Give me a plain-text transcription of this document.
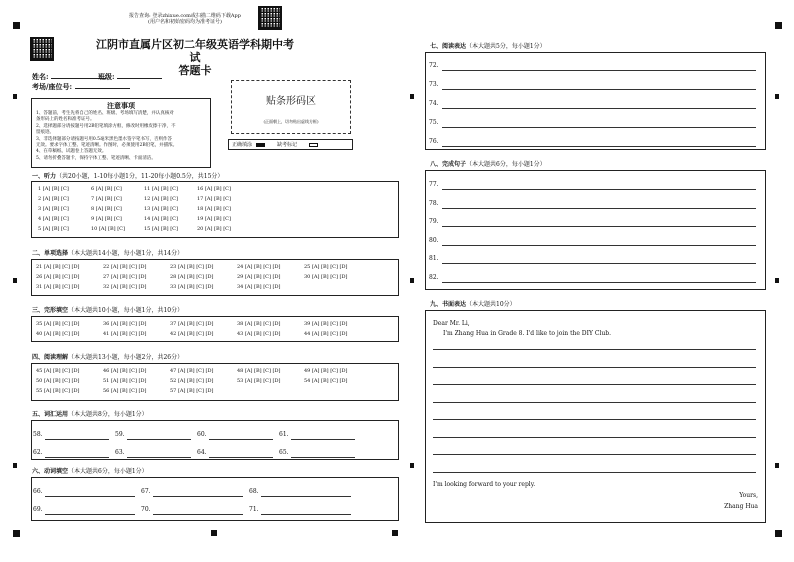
报告查询: 登录zhixue.com或扫描二维码下载App
(用户名和初始密码均为准考证号)
江阴市直属片区初二年级英语学科期中考试
答题卡
姓名:	班级:
考场/座位号:
注意事项
1、答题前，考生先将自己的姓名、班级、考场填写清楚，并认真核对
条形码上的姓名和准考证号。
2、选择题部分请按题号用2B铅笔填涂方框，修改时用橡皮擦干净，不
留痕迹。
3、非选择题部分请按题号用0.5毫米黑色墨水签字笔书写，否则作答
无效。要求字体工整、笔迹清晰。作图时，必须使用2B铅笔，并描浓。
4、在草稿纸、试题卷上答题无效。
5、请勿折叠答题卡，保持字体工整、笔迹清晰、卡面清洁。
贴条形码区
(正面朝上，切勿贴出虚线方框)
正确填涂	缺考标记
一、听力（共20小题，1-10每小题1分，11-20每小题0.5分，共15分）
二、单项选择（本大题共14小题，每小题1分，共14分）
三、完形填空（本大题共10小题，每小题1分，共10分）
四、阅读理解（本大题共13小题，每小题2分，共26分）
五、词汇运用（本大题共8分，每小题1分）
六、动词填空（本大题共6分，每小题1分）
七、阅读表达（本大题共5分，每小题1分）
八、完成句子（本大题共6分，每小题1分）
九、书面表达（本大题共10分）
Dear Mr. Li,
I'm Zhang Hua in Grade 8. I'd like to join the DIY Club.
I'm looking forward to your reply.
Yours,
Zhang Hua
1 [A] [B] [C]	6 [A] [B] [C]	11 [A] [B] [C]	16 [A] [B] [C]
2 [A] [B] [C]	7 [A] [B] [C]	12 [A] [B] [C]	17 [A] [B] [C]
3 [A] [B] [C]	8 [A] [B] [C]	13 [A] [B] [C]	18 [A] [B] [C]
4 [A] [B] [C]	9 [A] [B] [C]	14 [A] [B] [C]	19 [A] [B] [C]
5 [A] [B] [C]	10 [A] [B] [C]	15 [A] [B] [C]	20 [A] [B] [C]
21 [A] [B] [C] [D]	22 [A] [B] [C] [D]	23 [A] [B] [C] [D]	24 [A] [B] [C] [D]	25 [A] [B] [C] [D]
26 [A] [B] [C] [D]	27 [A] [B] [C] [D]	28 [A] [B] [C] [D]	29 [A] [B] [C] [D]	30 [A] [B] [C] [D]
31 [A] [B] [C] [D]	32 [A] [B] [C] [D]	33 [A] [B] [C] [D]	34 [A] [B] [C] [D]
35 [A] [B] [C] [D]	36 [A] [B] [C] [D]	37 [A] [B] [C] [D]	38 [A] [B] [C] [D]	39 [A] [B] [C] [D]
40 [A] [B] [C] [D]	41 [A] [B] [C] [D]	42 [A] [B] [C] [D]	43 [A] [B] [C] [D]	44 [A] [B] [C] [D]
45 [A] [B] [C] [D]	46 [A] [B] [C] [D]	47 [A] [B] [C] [D]	48 [A] [B] [C] [D]	49 [A] [B] [C] [D]
50 [A] [B] [C] [D]	51 [A] [B] [C] [D]	52 [A] [B] [C] [D]	53 [A] [B] [C] [D]	54 [A] [B] [C] [D]
55 [A] [B] [C] [D]	56 [A] [B] [C] [D]	57 [A] [B] [C] [D]
58.	59.	60.	61.
62.	63.	64.	65.
66.	67.	68.
69.	70.	71.
72.
73.
74.
75.
76.
77.
78.
79.
80.
81.
82.
